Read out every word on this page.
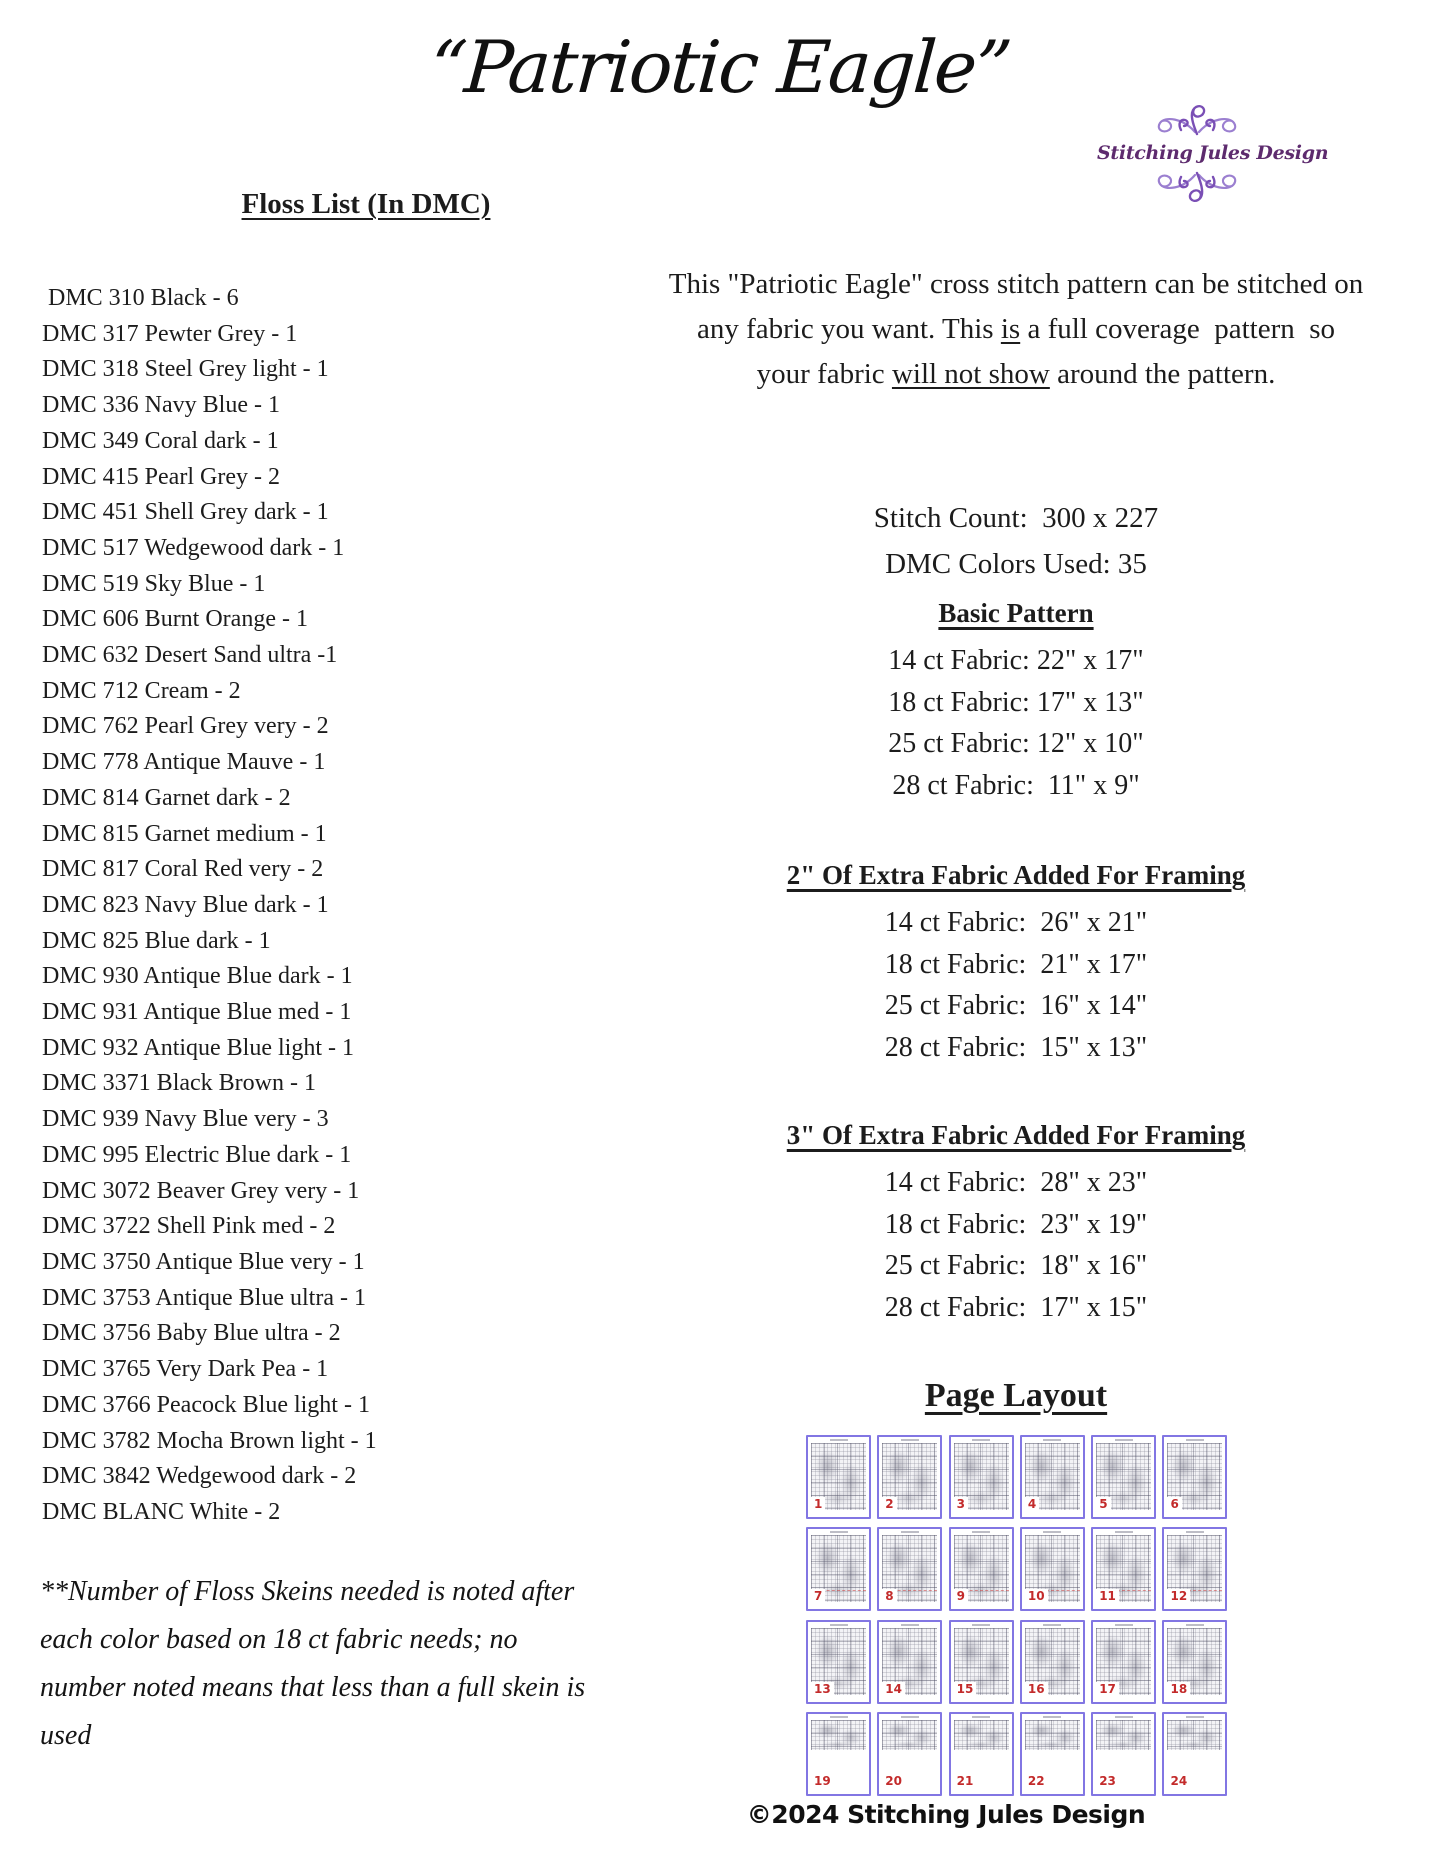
“Patriotic Eagle”
Stitching Jules Design
Floss List (In DMC)
DMC 310 Black - 6
DMC 317 Pewter Grey - 1
DMC 318 Steel Grey light - 1
DMC 336 Navy Blue - 1
DMC 349 Coral dark - 1
DMC 415 Pearl Grey - 2
DMC 451 Shell Grey dark - 1
DMC 517 Wedgewood dark - 1
DMC 519 Sky Blue - 1
DMC 606 Burnt Orange - 1
DMC 632 Desert Sand ultra -1
DMC 712 Cream - 2
DMC 762 Pearl Grey very - 2
DMC 778 Antique Mauve - 1
DMC 814 Garnet dark - 2
DMC 815 Garnet medium - 1
DMC 817 Coral Red very - 2
DMC 823 Navy Blue dark - 1
DMC 825 Blue dark - 1
DMC 930 Antique Blue dark - 1
DMC 931 Antique Blue med - 1
DMC 932 Antique Blue light - 1
DMC 3371 Black Brown - 1
DMC 939 Navy Blue very - 3
DMC 995 Electric Blue dark - 1
DMC 3072 Beaver Grey very - 1
DMC 3722 Shell Pink med - 2
DMC 3750 Antique Blue very - 1
DMC 3753 Antique Blue ultra - 1
DMC 3756 Baby Blue ultra - 2
DMC 3765 Very Dark Pea - 1
DMC 3766 Peacock Blue light - 1
DMC 3782 Mocha Brown light - 1
DMC 3842 Wedgewood dark - 2
DMC BLANC White - 2

**Number of Floss Skeins needed is noted after each color based on 18 ct fabric needs; no number noted means that less than a full skein is used

This "Patriotic Eagle" cross stitch pattern can be stitched on any fabric you want. This is a full coverage  pattern  so  your fabric will not show around the pattern.

Stitch Count:  300 x 227

DMC Colors Used: 35

Basic Pattern

14 ct Fabric: 22" x 17"

18 ct Fabric: 17" x 13"

25 ct Fabric: 12" x 10"

28 ct Fabric:  11" x 9"

2" Of Extra Fabric Added For Framing

14 ct Fabric:  26" x 21"

18 ct Fabric:  21" x 17"

25 ct Fabric:  16" x 14"

28 ct Fabric:  15" x 13"

3" Of Extra Fabric Added For Framing

14 ct Fabric:  28" x 23"

18 ct Fabric:  23" x 19"

25 ct Fabric:  18" x 16"

28 ct Fabric:  17" x 15"

Page Layout
1	2	3	4	5	6
7	8	9	10	11	12
13	14	15	16	17	18
19	20	21	22	23	24

©2024 Stitching Jules Design
